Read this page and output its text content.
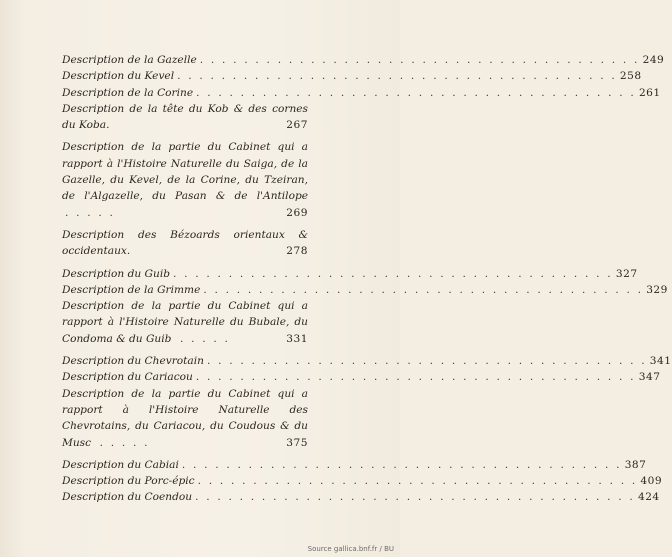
Description de la Gazelle . . . . . . . . . . . . . . . . . . . . . . . . . . . . . . . . . . . . . . . . 249
Description du Kevel . . . . . . . . . . . . . . . . . . . . . . . . . . . . . . . . . . . . . . . . 258
Description de la Corine . . . . . . . . . . . . . . . . . . . . . . . . . . . . . . . . . . . . . . . . 261
Description de la tête du Kob & des cornes du Koba.	267
Description de la partie du Cabinet qui a rapport à l'Histoire Naturelle du Saiga, de la Gazelle, du Kevel, de la Corine, du Tzeiran, de l'Algazelle, du Pasan & de l'Antilope . . . . .	269
Description des Bézoards orientaux & occidentaux.	278
Description du Guib . . . . . . . . . . . . . . . . . . . . . . . . . . . . . . . . . . . . . . . . 327
Description de la Grimme . . . . . . . . . . . . . . . . . . . . . . . . . . . . . . . . . . . . . . . . 329
Description de la partie du Cabinet qui a rapport à l'Histoire Naturelle du Bubale, du Condoma & du Guib . . . . .	331
Description du Chevrotain . . . . . . . . . . . . . . . . . . . . . . . . . . . . . . . . . . . . . . . . 341
Description du Cariacou . . . . . . . . . . . . . . . . . . . . . . . . . . . . . . . . . . . . . . . . 347
Description de la partie du Cabinet qui a rapport à l'Histoire Naturelle des Chevrotains, du Cariacou, du Coudous & du Musc . . . . .	375
Description du Cabiai . . . . . . . . . . . . . . . . . . . . . . . . . . . . . . . . . . . . . . . . 387
Description du Porc-épic . . . . . . . . . . . . . . . . . . . . . . . . . . . . . . . . . . . . . . . . 409
Description du Coendou . . . . . . . . . . . . . . . . . . . . . . . . . . . . . . . . . . . . . . . . 424
Source gallica.bnf.fr / BU
